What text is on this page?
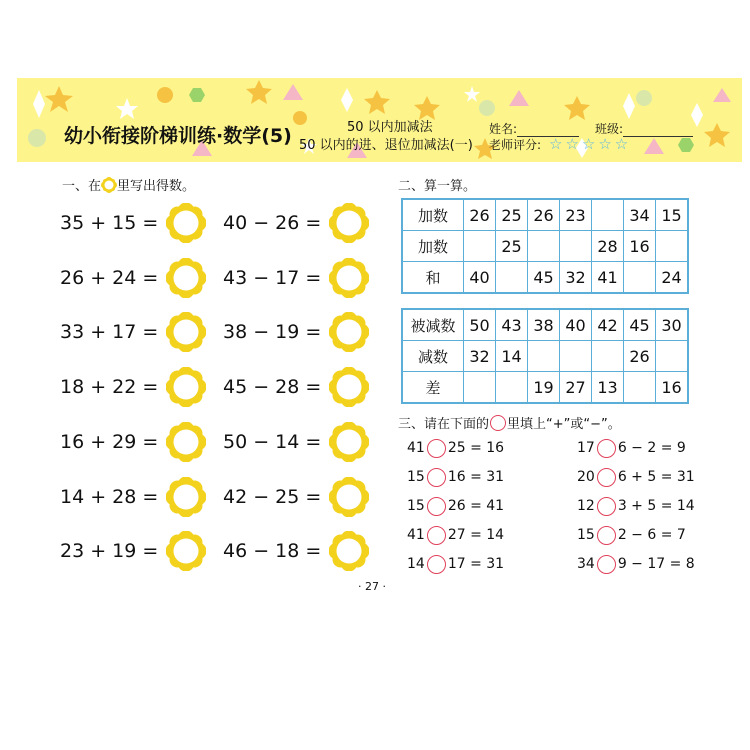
幼小衔接阶梯训练·数学(5)	50 以内加减法
50 以内的进、退位加减法(一)
姓名:	班级:
老师评分: ☆☆☆☆☆
一、在 里写出得数。
35 + 15 =
26 + 24 =
33 + 17 =
18 + 22 =
16 + 29 =
14 + 28 =
23 + 19 =
40 − 26 =
43 − 17 =
38 − 19 =
45 − 28 =
50 − 14 =
42 − 25 =
46 − 18 =
二、算一算。
加数	26	25	26	23		34	15
加数		25			28	16	
和	40		45	32	41		24
被减数	50	43	38	40	42	45	30
减数	32	14				26	
差			19	27	13		16
三、请在下面的 里填上“+”或“−”。
41 25 = 16
15 16 = 31
15 26 = 41
41 27 = 14
14 17 = 31
17 6 − 2 = 9
20 6 + 5 = 31
12 3 + 5 = 14
15 2 − 6 = 7
34 9 − 17 = 8
· 27 ·
